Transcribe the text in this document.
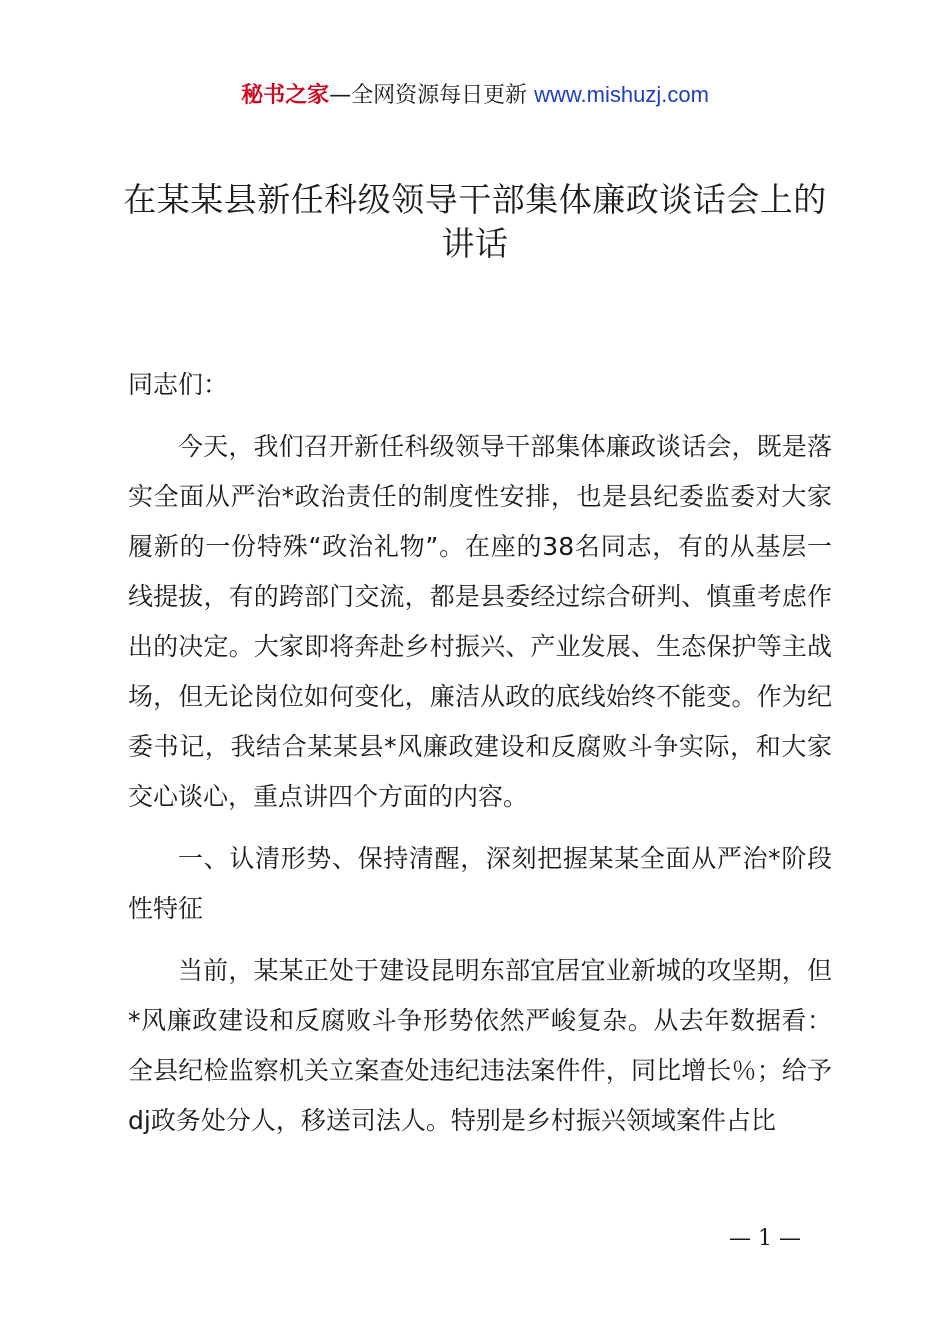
秘书之家—全网资源每日更新 www.mishuzj.com
在某某县新任科级领导干部集体廉政谈话会上的讲话

同志们：

今天，我们召开新任科级领导干部集体廉政谈话会，既是落实全面从严治*政治责任的制度性安排，也是县纪委监委对大家履新的一份特殊“政治礼物”。在座的38名同志，有的从基层一线提拔，有的跨部门交流，都是县委经过综合研判、慎重考虑作出的决定。大家即将奔赴乡村振兴、产业发展、生态保护等主战场，但无论岗位如何变化，廉洁从政的底线始终不能变。作为纪委书记，我结合某某县*风廉政建设和反腐败斗争实际，和大家交心谈心，重点讲四个方面的内容。

一、认清形势、保持清醒，深刻把握某某全面从严治*阶段性特征

当前，某某正处于建设昆明东部宜居宜业新城的攻坚期，但*风廉政建设和反腐败斗争形势依然严峻复杂。从去年数据看：全县纪检监察机关立案查处违纪违法案件件，同比增长％；给予dj政务处分人，移送司法人。特别是乡村振兴领域案件占比

— 1 —
